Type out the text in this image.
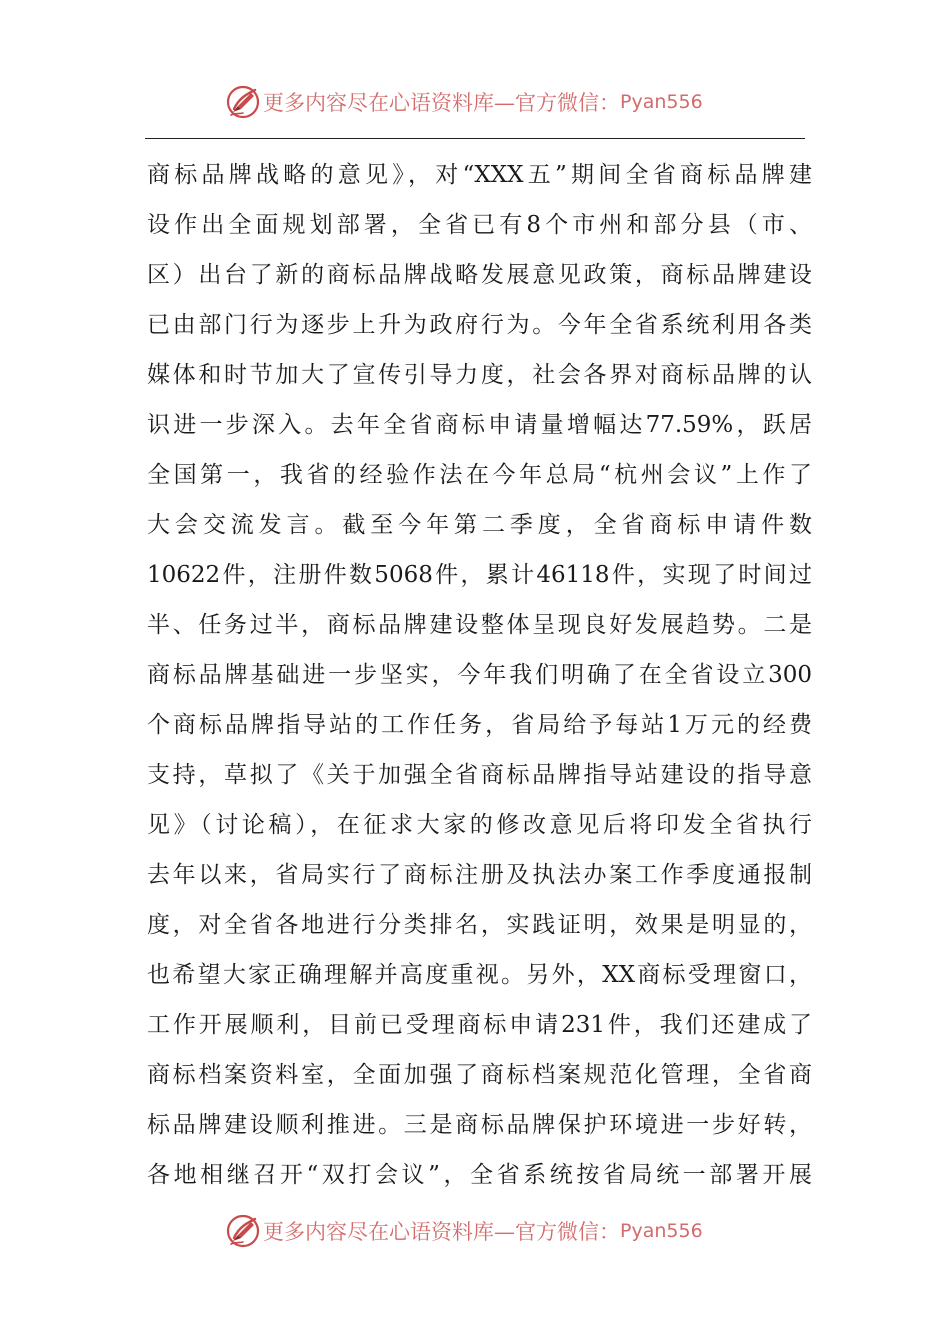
更多内容尽在心语资料库—官方微信： Pyan556
商标品牌战略的意见》，对“XXX五”期间全省商标品牌建
设作出全面规划部署，全省已有8个市州和部分县（市、
区）出台了新的商标品牌战略发展意见政策，商标品牌建设
已由部门行为逐步上升为政府行为。今年全省系统利用各类
媒体和时节加大了宣传引导力度，社会各界对商标品牌的认
识进一步深入。去年全省商标申请量增幅达77.59%，跃居
全国第一，我省的经验作法在今年总局“杭州会议”上作了
大会交流发言。截至今年第二季度，全省商标申请件数
10622件，注册件数5068件，累计46118件，实现了时间过
半、任务过半，商标品牌建设整体呈现良好发展趋势。二是
商标品牌基础进一步坚实，今年我们明确了在全省设立300
个商标品牌指导站的工作任务，省局给予每站1万元的经费
支持，草拟了《关于加强全省商标品牌指导站建设的指导意
见》（讨论稿），在征求大家的修改意见后将印发全省执行
去年以来，省局实行了商标注册及执法办案工作季度通报制
度，对全省各地进行分类排名，实践证明，效果是明显的，
也希望大家正确理解并高度重视。另外，XX商标受理窗口，
工作开展顺利，目前已受理商标申请231件，我们还建成了
商标档案资料室，全面加强了商标档案规范化管理，全省商
标品牌建设顺利推进。三是商标品牌保护环境进一步好转，
各地相继召开“双打会议”，全省系统按省局统一部署开展
更多内容尽在心语资料库—官方微信： Pyan556
